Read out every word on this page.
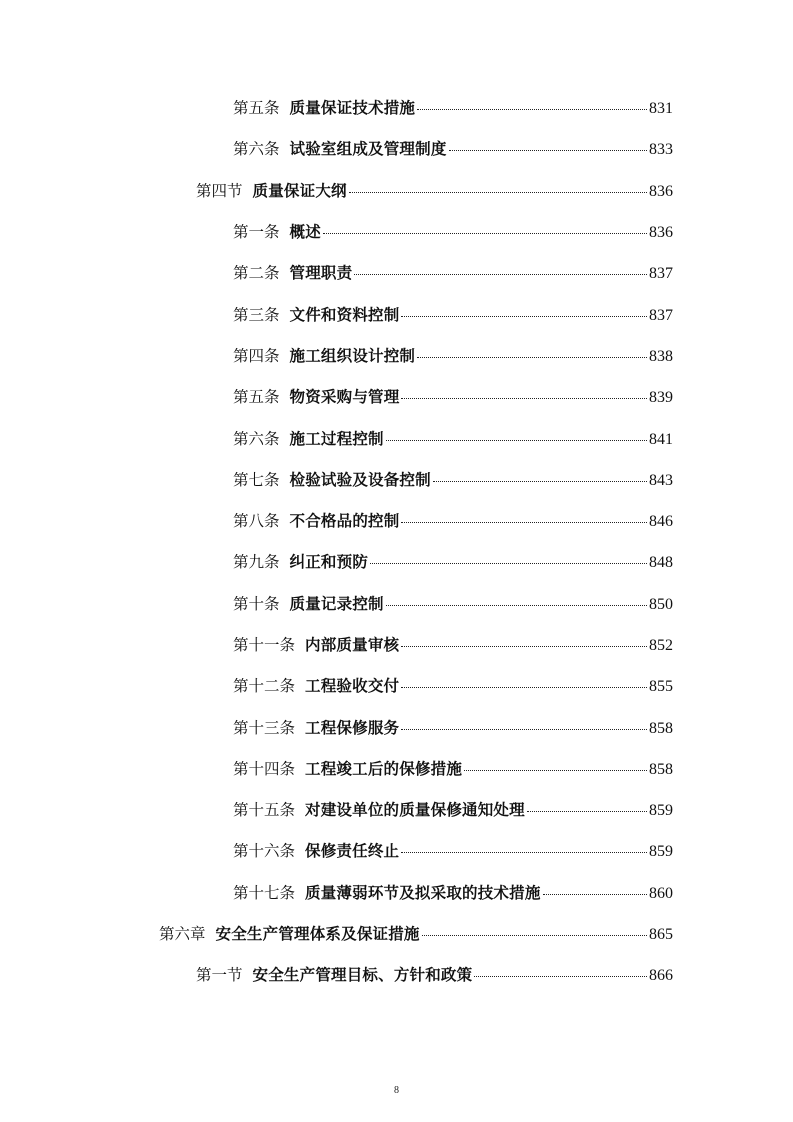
第五条 质量保证技术措施	831
第六条 试验室组成及管理制度	833
第四节 质量保证大纲	836
第一条 概述	836
第二条 管理职责	837
第三条 文件和资料控制	837
第四条 施工组织设计控制	838
第五条 物资采购与管理	839
第六条 施工过程控制	841
第七条 检验试验及设备控制	843
第八条 不合格品的控制	846
第九条 纠正和预防	848
第十条 质量记录控制	850
第十一条 内部质量审核	852
第十二条 工程验收交付	855
第十三条 工程保修服务	858
第十四条 工程竣工后的保修措施	858
第十五条 对建设单位的质量保修通知处理	859
第十六条 保修责任终止	859
第十七条 质量薄弱环节及拟采取的技术措施	860
第六章 安全生产管理体系及保证措施	865
第一节 安全生产管理目标、方针和政策	866
8
